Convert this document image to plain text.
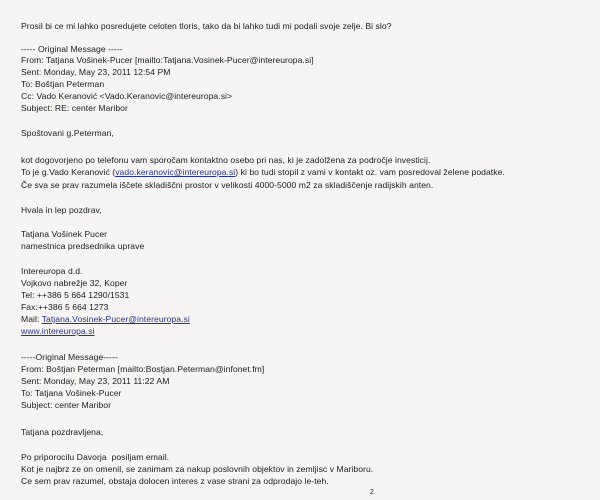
Prosil bi ce mi lahko posredujete celoten tloris, tako da bi lahko tudi mi podali svoje zelje. Bi slo?
----- Original Message -----
From: Tatjana Vošinek-Pucer [mailto:Tatjana.Vosinek-Pucer@intereuropa.si]
Sent: Monday, May 23, 2011 12:54 PM
To: Boštjan Peterman
Cc: Vado Keranović <Vado.Keranovic@intereuropa.si>
Subject: RE: center Maribor
Spoštovani g.Peterman,
kot dogovorjeno po telefonu vam sporočam kontaktno osebo pri nas, ki je zadolžena za področje investicij.
To je g.Vado Keranović (vado.keranovic@intereuropa.si) ki bo tudi stopil z vami v kontakt oz. vam posredoval želene podatke.
Če sva se prav razumela iščete skladiščni prostor v velikosti 4000-5000 m2 za skladiščenje radijskih anten.
Hvala in lep pozdrav,
Tatjana Vošinek Pucer
namestnica predsednika uprave
Intereuropa d.d.
Vojkovo nabrežje 32, Koper
Tel: ++386 5 664 1290/1531
Fax:++386 5 664 1273
Mail: Tatjana.Vosinek-Pucer@intereuropa.si
www.intereuropa.si
-----Original Message-----
From: Boštjan Peterman [mailto:Bostjan.Peterman@infonet.fm]
Sent: Monday, May 23, 2011 11:22 AM
To: Tatjana Vošinek-Pucer
Subject: center Maribor
Tatjana pozdravljena,
Po priporocilu Davorja  posiljam email.
Kot je najbrz ze on omenil, se zanimam za nakup poslovnih objektov in zemljisc v Mariboru.
Ce sem prav razumel, obstaja dolocen interes z vase strani za odprodajo le-teh.
2
